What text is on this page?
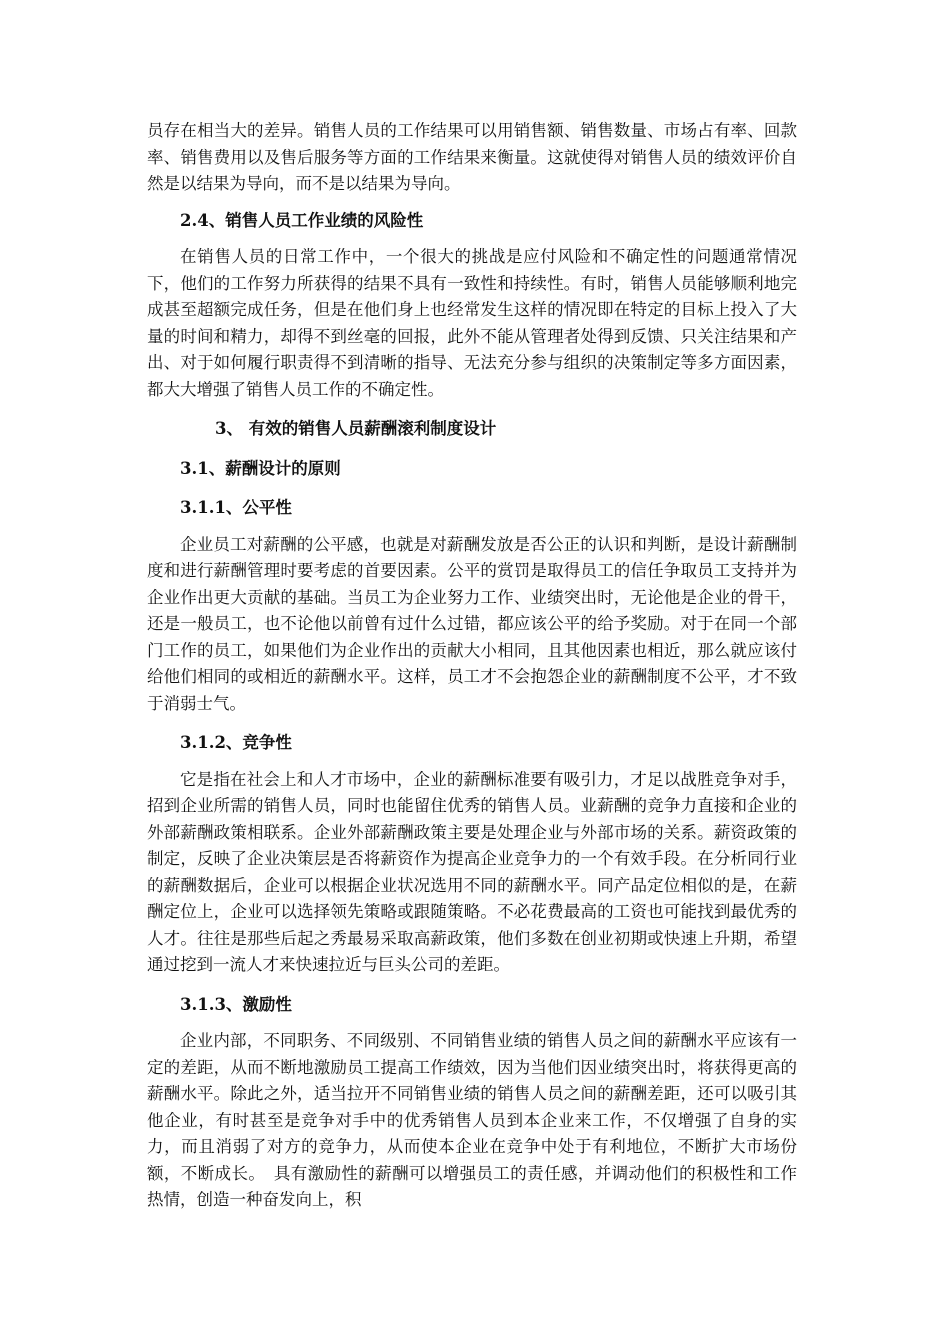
员存在相当大的差异。销售人员的工作结果可以用销售额、销售数量、市场占有率、回款率、销售费用以及售后服务等方面的工作结果来衡量。这就使得对销售人员的绩效评价自然是以结果为导向，而不是以结果为导向。

2.4、销售人员工作业绩的风险性

在销售人员的日常工作中，一个很大的挑战是应付风险和不确定性的问题通常情况下，他们的工作努力所获得的结果不具有一致性和持续性。有时，销售人员能够顺利地完成甚至超额完成任务，但是在他们身上也经常发生这样的情况即在特定的目标上投入了大量的时间和精力，却得不到丝毫的回报，此外不能从管理者处得到反馈、只关注结果和产出、对于如何履行职责得不到清晰的指导、无法充分参与组织的决策制定等多方面因素，都大大增强了销售人员工作的不确定性。

3、 有效的销售人员薪酬滚利制度设计
3.1、薪酬设计的原则
3.1.1、公平性

企业员工对薪酬的公平感，也就是对薪酬发放是否公正的认识和判断，是设计薪酬制度和进行薪酬管理时要考虑的首要因素。公平的赏罚是取得员工的信任争取员工支持并为企业作出更大贡献的基础。当员工为企业努力工作、业绩突出时，无论他是企业的骨干，还是一般员工，也不论他以前曾有过什么过错，都应该公平的给予奖励。对于在同一个部门工作的员工，如果他们为企业作出的贡献大小相同，且其他因素也相近，那么就应该付给他们相同的或相近的薪酬水平。这样，员工才不会抱怨企业的薪酬制度不公平，才不致于消弱士气。

3.1.2、竞争性

它是指在社会上和人才市场中，企业的薪酬标准要有吸引力，才足以战胜竞争对手，招到企业所需的销售人员，同时也能留住优秀的销售人员。业薪酬的竞争力直接和企业的外部薪酬政策相联系。企业外部薪酬政策主要是处理企业与外部市场的关系。薪资政策的制定，反映了企业决策层是否将薪资作为提高企业竞争力的一个有效手段。在分析同行业的薪酬数据后，企业可以根据企业状况选用不同的薪酬水平。同产品定位相似的是，在薪酬定位上，企业可以选择领先策略或跟随策略。不必花费最高的工资也可能找到最优秀的人才。往往是那些后起之秀最易采取高薪政策，他们多数在创业初期或快速上升期，希望通过挖到一流人才来快速拉近与巨头公司的差距。

3.1.3、激励性

企业内部，不同职务、不同级别、不同销售业绩的销售人员之间的薪酬水平应该有一定的差距，从而不断地激励员工提高工作绩效，因为当他们因业绩突出时，将获得更高的薪酬水平。除此之外，适当拉开不同销售业绩的销售人员之间的薪酬差距，还可以吸引其他企业，有时甚至是竞争对手中的优秀销售人员到本企业来工作，不仅增强了自身的实力，而且消弱了对方的竞争力，从而使本企业在竞争中处于有利地位，不断扩大市场份额，不断成长。　具有激励性的薪酬可以增强员工的责任感，并调动他们的积极性和工作热情，创造一种奋发向上，积
